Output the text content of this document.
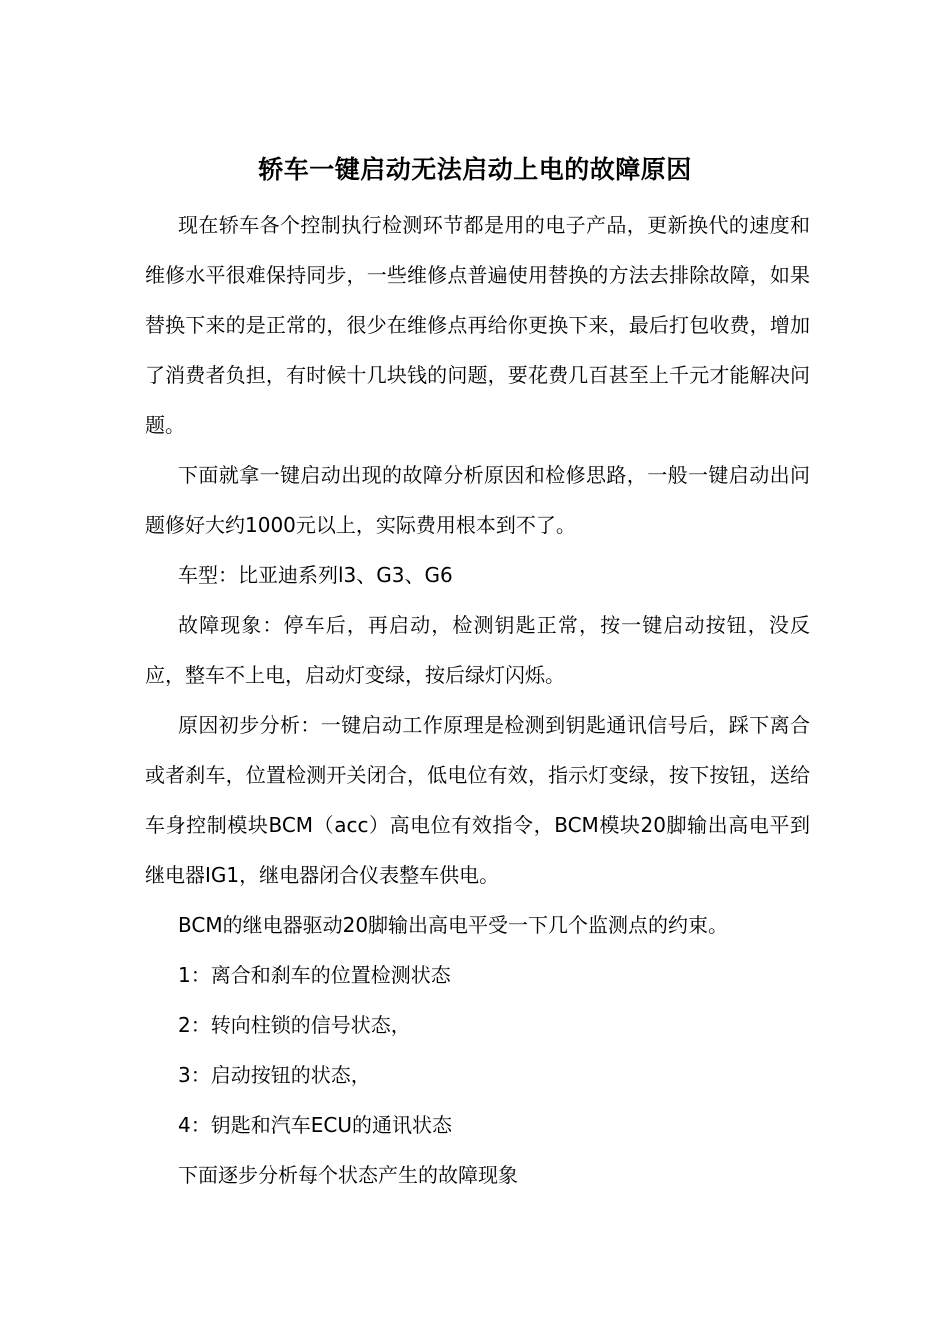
轿车一键启动无法启动上电的故障原因

现在轿车各个控制执行检测环节都是用的电子产品，更新换代的速度和维修水平很难保持同步，一些维修点普遍使用替换的方法去排除故障，如果替换下来的是正常的，很少在维修点再给你更换下来，最后打包收费，增加了消费者负担，有时候十几块钱的问题，要花费几百甚至上千元才能解决问题。

下面就拿一键启动出现的故障分析原因和检修思路，一般一键启动出问题修好大约1000元以上，实际费用根本到不了。

车型：比亚迪系列l3、G3、G6

故障现象：停车后，再启动，检测钥匙正常，按一键启动按钮，没反应，整车不上电，启动灯变绿，按后绿灯闪烁。

原因初步分析：一键启动工作原理是检测到钥匙通讯信号后，踩下离合或者刹车，位置检测开关闭合，低电位有效，指示灯变绿，按下按钮，送给车身控制模块BCM（acc）高电位有效指令，BCM模块20脚输出高电平到继电器IG1，继电器闭合仪表整车供电。

BCM的继电器驱动20脚输出高电平受一下几个监测点的约束。

1：离合和刹车的位置检测状态

2：转向柱锁的信号状态，

3：启动按钮的状态，

4：钥匙和汽车ECU的通讯状态

下面逐步分析每个状态产生的故障现象
